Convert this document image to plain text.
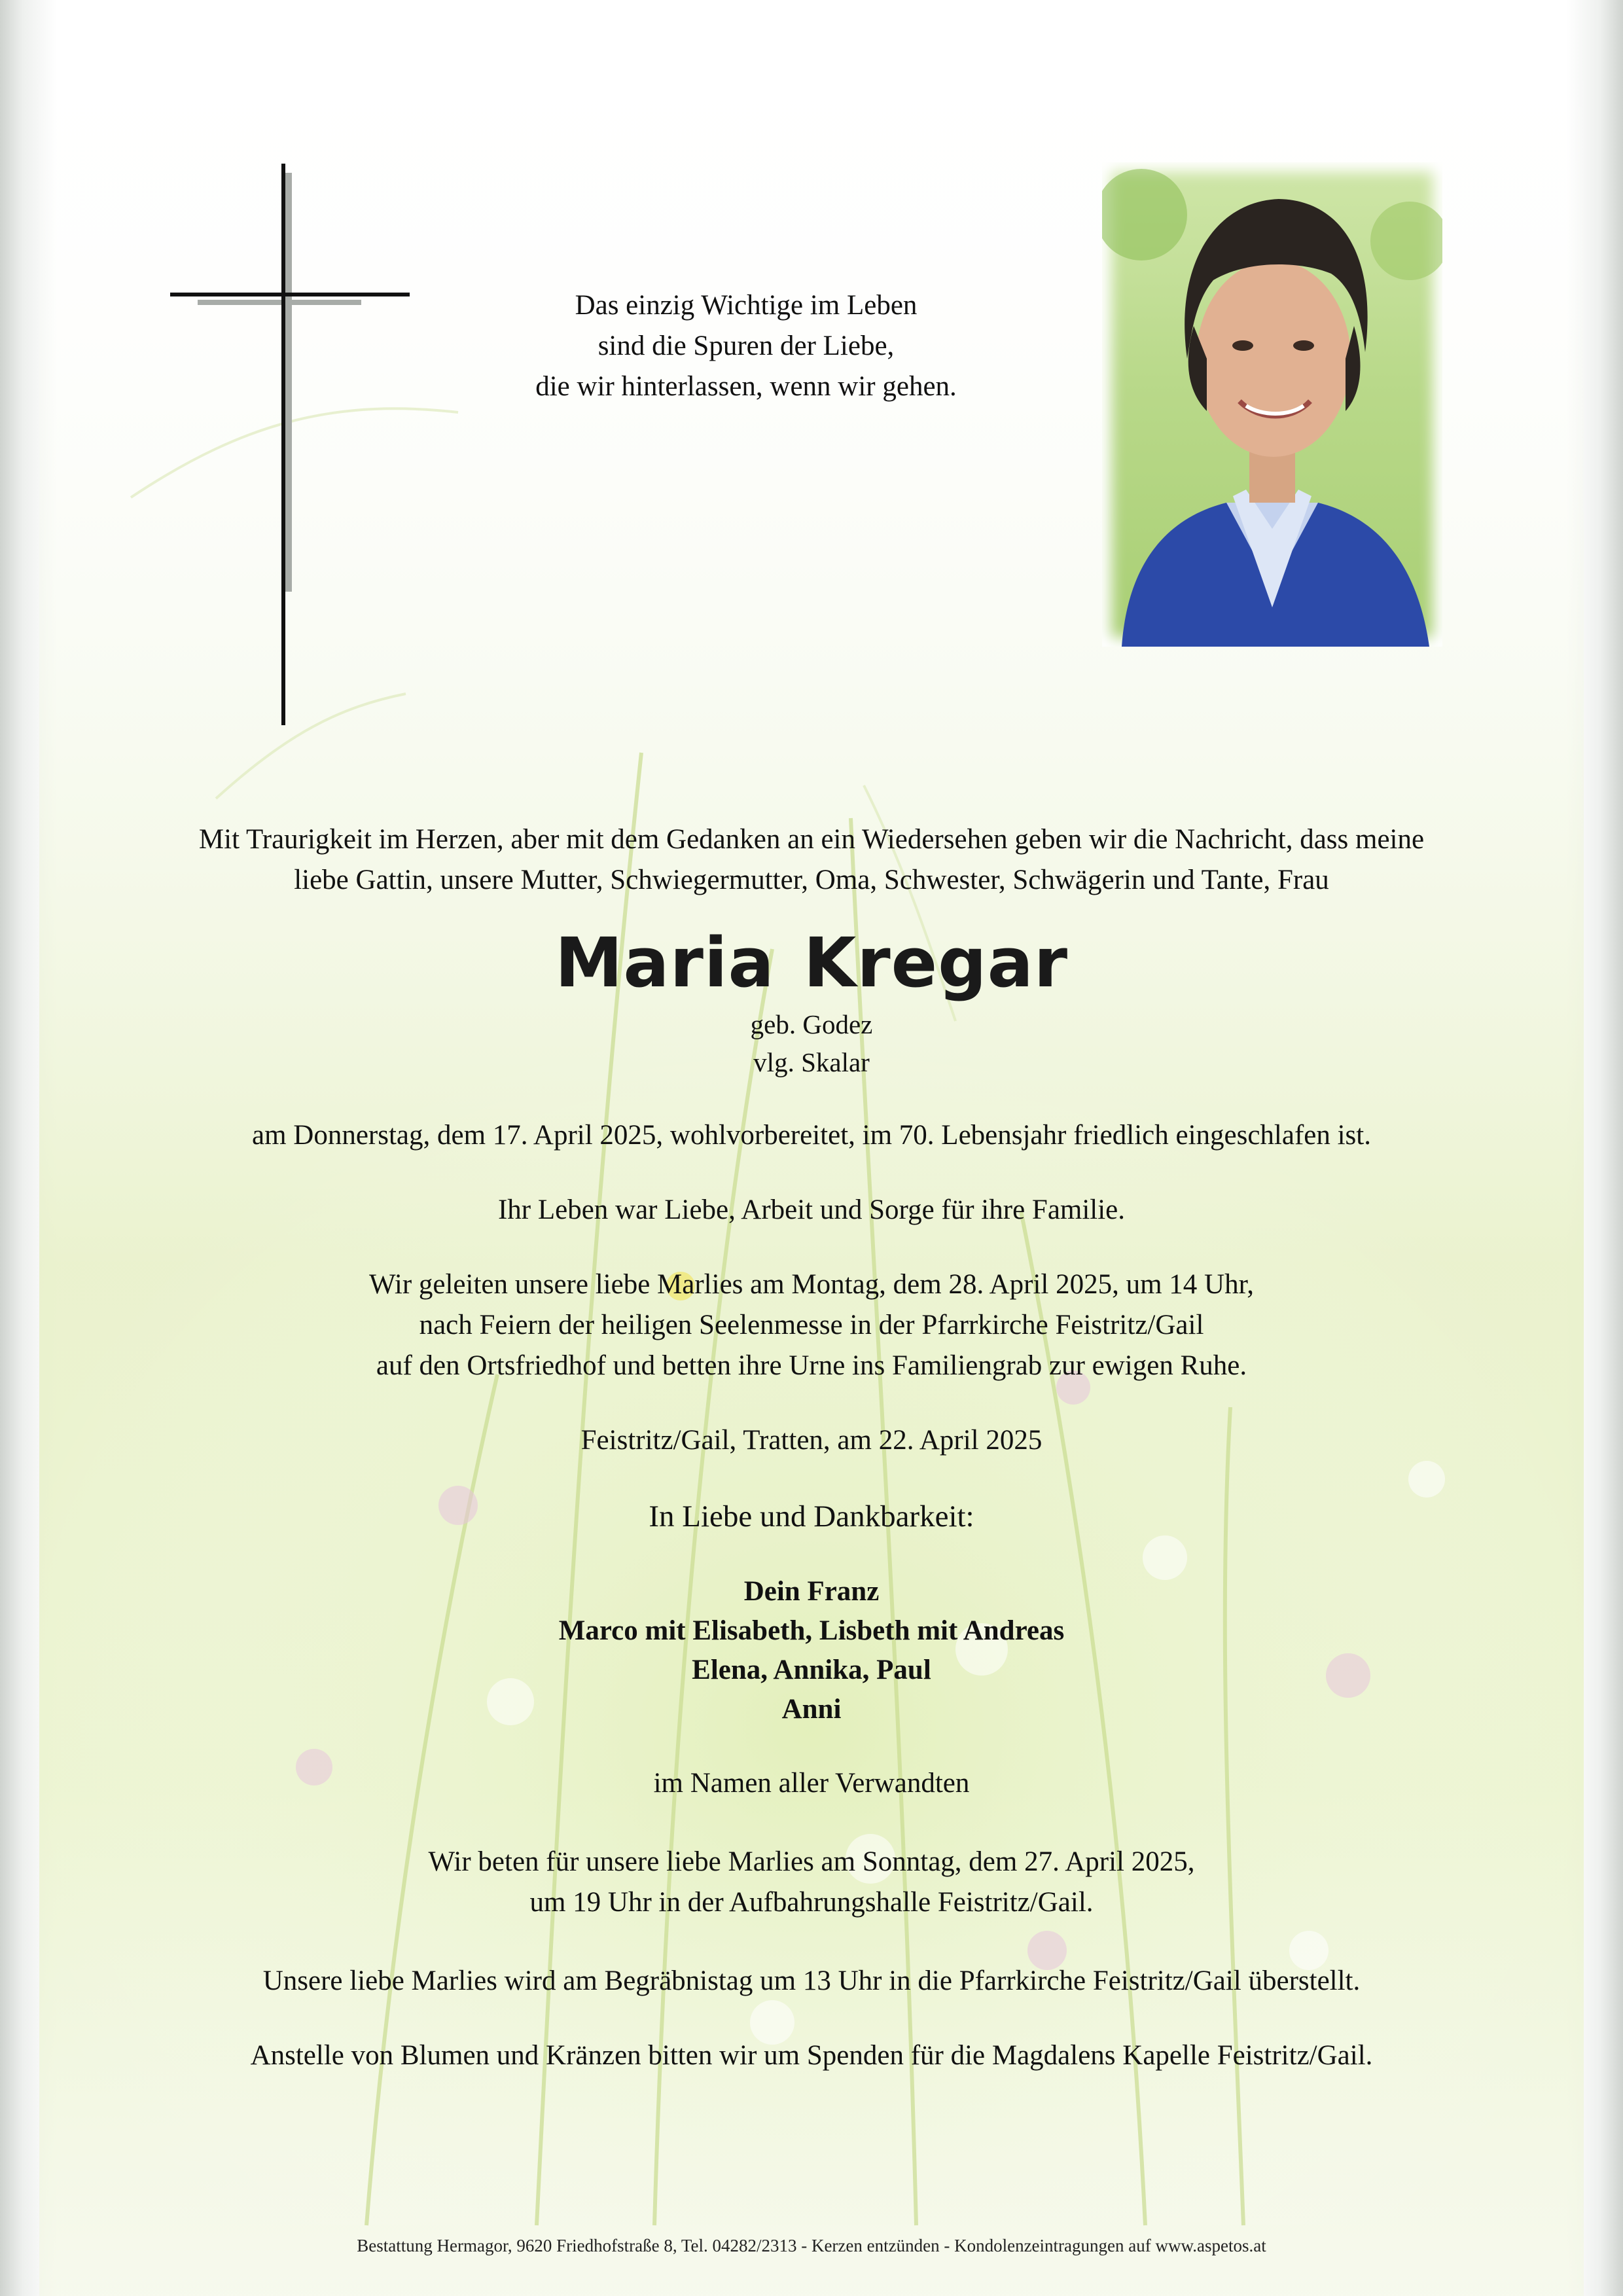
Das einzig Wichtige im Leben
sind die Spuren der Liebe,
die wir hinterlassen, wenn wir gehen.
Mit Traurigkeit im Herzen, aber mit dem Gedanken an ein Wiedersehen geben wir die Nachricht, dass meine
liebe Gattin, unsere Mutter, Schwiegermutter, Oma, Schwester, Schwägerin und Tante, Frau
Maria Kregar
geb. Godez
vlg. Skalar
am Donnerstag, dem 17. April 2025, wohlvorbereitet, im 70. Lebensjahr friedlich eingeschlafen ist.
Ihr Leben war Liebe, Arbeit und Sorge für ihre Familie.
Wir geleiten unsere liebe Marlies am Montag, dem 28. April 2025, um 14 Uhr,
nach Feiern der heiligen Seelenmesse in der Pfarrkirche Feistritz/Gail
auf den Ortsfriedhof und betten ihre Urne ins Familiengrab zur ewigen Ruhe.
Feistritz/Gail, Tratten, am 22. April 2025
In Liebe und Dankbarkeit:
Dein Franz
Marco mit Elisabeth, Lisbeth mit Andreas
Elena, Annika, Paul
Anni
im Namen aller Verwandten
Wir beten für unsere liebe Marlies am Sonntag, dem 27. April 2025,
um 19 Uhr in der Aufbahrungshalle Feistritz/Gail.
Unsere liebe Marlies wird am Begräbnistag um 13 Uhr in die Pfarrkirche Feistritz/Gail überstellt.
Anstelle von Blumen und Kränzen bitten wir um Spenden für die Magdalens Kapelle Feistritz/Gail.
Bestattung Hermagor, 9620 Friedhofstraße 8, Tel. 04282/2313 - Kerzen entzünden - Kondolenzeintragungen auf www.aspetos.at
